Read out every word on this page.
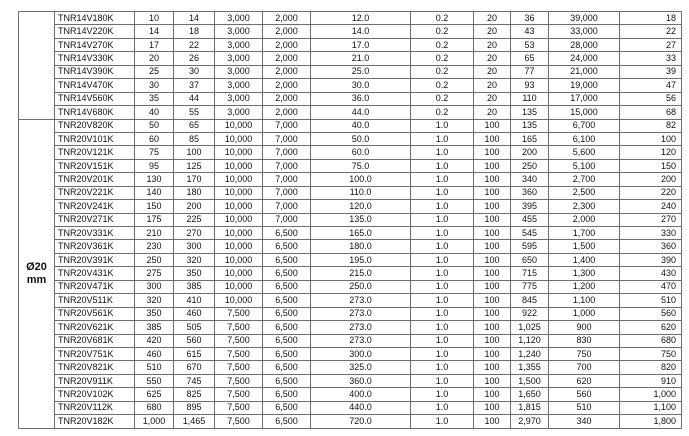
	TNR14V180K	10	14	3,000	2,000	12.0	0.2	20	36	39,000	18
	TNR14V220K	14	18	3,000	2,000	14.0	0.2	20	43	33,000	22
	TNR14V270K	17	22	3,000	2,000	17.0	0.2	20	53	28,000	27
	TNR14V330K	20	26	3,000	2,000	21.0	0.2	20	65	24,000	33
	TNR14V390K	25	30	3,000	2,000	25.0	0.2	20	77	21,000	39
	TNR14V470K	30	37	3,000	2,000	30.0	0.2	20	93	19,000	47
	TNR14V560K	35	44	3,000	2,000	36.0	0.2	20	110	17,000	56
	TNR14V680K	40	55	3,000	2,000	44.0	0.2	20	135	15,000	68

Ø20
mm	TNR20V820K	50	65	10,000	7,000	40.0	1.0	100	135	6,700	82
	TNR20V101K	60	85	10,000	7,000	50.0	1.0	100	165	6,100	100
	TNR20V121K	75	100	10,000	7,000	60.0	1.0	100	200	5,600	120
	TNR20V151K	95	125	10,000	7,000	75.0	1.0	100	250	5,100	150
	TNR20V201K	130	170	10,000	7,000	100.0	1.0	100	340	2,700	200
	TNR20V221K	140	180	10,000	7,000	110.0	1.0	100	360	2,500	220
	TNR20V241K	150	200	10,000	7,000	120.0	1.0	100	395	2,300	240
	TNR20V271K	175	225	10,000	7,000	135.0	1.0	100	455	2,000	270
	TNR20V331K	210	270	10,000	6,500	165.0	1.0	100	545	1,700	330
	TNR20V361K	230	300	10,000	6,500	180.0	1.0	100	595	1,500	360
	TNR20V391K	250	320	10,000	6,500	195.0	1.0	100	650	1,400	390
	TNR20V431K	275	350	10,000	6,500	215.0	1.0	100	715	1,300	430
	TNR20V471K	300	385	10,000	6,500	250.0	1.0	100	775	1,200	470
	TNR20V511K	320	410	10,000	6,500	273.0	1.0	100	845	1,100	510
	TNR20V561K	350	460	7,500	6,500	273.0	1.0	100	922	1,000	560
	TNR20V621K	385	505	7,500	6,500	273.0	1.0	100	1,025	900	620
	TNR20V681K	420	560	7,500	6,500	273.0	1.0	100	1,120	830	680
	TNR20V751K	460	615	7,500	6,500	300.0	1.0	100	1,240	750	750
	TNR20V821K	510	670	7,500	6,500	325.0	1.0	100	1,355	700	820
	TNR20V911K	550	745	7,500	6,500	360.0	1.0	100	1,500	620	910
	TNR20V102K	625	825	7,500	6,500	400.0	1.0	100	1,650	560	1,000
	TNR20V112K	680	895	7,500	6,500	440.0	1.0	100	1,815	510	1,100
	TNR20V182K	1,000	1,465	7,500	6,500	720.0	1.0	100	2,970	340	1,800
